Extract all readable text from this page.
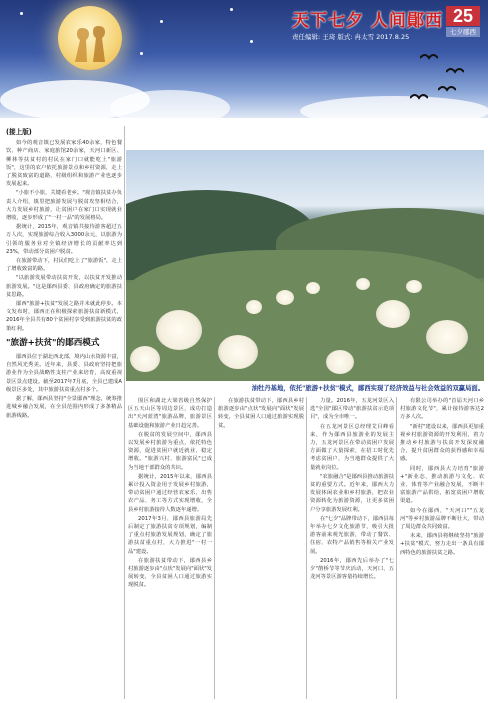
天下七夕 人间鄖西
责任编辑: 王琦 版式: 冉太雪 2017.8.25
25
七夕鄖西
(接上版)

如今的观音镇已发展农家乐40余家，特色餐饮、种产商店、家庭旅馆20余家，天河口新区、柳林等扶贫村的村民在家门口就能吃上"旅游饭"，这里的农户依托旅游景点和乡村资源，走上了脱贫致富的道路，村级组织和旅游产业也逐步发展起来。

"小旅不小旅，关键看老乡。"观音镇扶贫办负责人介绍，镇里把旅游发展与脱贫攻坚相结合，大力发展乡村旅游，让贫困户在家门口实现就业增收，逐步形成了"一村一品"的发展格局。

据统计，2015年，观音镇共接待游客超过五万人次，实现旅游综合收入3000余元，以旅游为引领的服务业对全镇经济增长的贡献率达到23%，带动部分贫困户脱贫。

在旅游带动下，村民们吃上了"旅游饭"，走上了增收致富的路。

"以旅游发展带动扶贫开发，以扶贫开发推动旅游发展。"这是鄖西县委、县政府确定的旅游扶贫思路。

鄖西"旅游+扶贫"发展之路并未就此停步。本文发布时，鄖西正在积极探索旅游扶贫新模式，2016年全县共有80个贫困村享受到旅游扶贫的政策红利。

"旅游+扶贫"的鄖西模式

鄖西县位于湖北西北部，境内山水资源丰富，自然风光秀美。近年来，县委、县政府坚持把旅游业作为全县战略性支柱产业来培育，高度重视景区景点建设。截至2017年7月底，全县已建成A级景区多处，其中旅游扶贫重点村多个。

据了解，鄖西县坚持"全景鄖西"理念，统筹推进城乡融合发展，在全县范围内形成了多条精品旅游线路。

油牡丹基地，依托"旅游+扶贫"模式，鄖西实现了经济效益与社会效益的双赢局面。

围区和湖北大梁省级自然保护区五天山区等周边景区，成功打造出"天河蓝湾"旅游品牌，旅游景区基础设施和旅游产业日趋完善。

在脱贫的发展空间中，鄖西县以发展乡村旅游为重点，依托特色资源，促进贫困户就近就业、稳定增收。"旅游兴村、旅游富民"已成为当地干部群众的共识。

据统计，2015年以来，鄖西县累计投入资金用于发展乡村旅游，带动贫困户通过经营农家乐、出售农产品、务工等方式实现增收，全县乡村旅游接待人数逐年递增。

2017年3月，鄖西县旅游局先后制定了旅游扶贫专项规划，编制了重点村旅游发展规划，确定了旅游扶贫重点村，大力推进"一村一品"建设。

在旅游扶贫带动下，鄖西县乡村旅游逐步由"点状"发展向"面状"发展转变，全县贫困人口通过旅游实现脱贫。

在旅游扶贫带动下，鄖西县乡村旅游逐步由"点状"发展向"面状"发展转变，全县贫困人口通过旅游实现脱贫。

力量。2016年，五龙河景区入选"全国"鄖区带动"旅游扶贫示范项目"，成为全市唯一。

在五龙河景区总经理艾目峰看来，作为鄖西县旅游业的发展主力，五龙河景区在带动贫困户发展方面做了大量探索，在招工时优先考虑贫困户，为当地群众提供了大量就业岗位。

"农旅融合"是鄖西县推动旅游扶贫的重要方式。近年来，鄖西大力发展休闲农业和乡村旅游，把农业资源转化为旅游资源，让更多贫困户分享旅游发展红利。

在"七夕"品牌带动下，鄖西县每年举办七夕文化旅游节，吸引大批游客前来观光旅游，带动了餐饮、住宿、农特产品销售等相关产业发展。

2016年，鄖西先后举办了"七夕"鹊桥节等节庆活动，天河口、五龙河等景区游客量持续增长。

有限公司举办的"首届天河口乡村旅游文化节"，累计接待游客达2万多人次。

"新村"建设以来，鄖西县更加重视乡村旅游资源的开发利用，着力推动乡村旅游与扶贫开发深度融合，提升贫困群众的获得感和幸福感。

同时，鄖西县大力培育"旅游+"新业态，推动旅游与文化、农业、体育等产业融合发展，不断丰富旅游产品供给，拓宽贫困户增收渠道。

如今在鄖西，"天河口""五龙河"等乡村旅游品牌不断壮大，带动了周边群众共同致富。

未来，鄖西县将继续坚持"旅游+扶贫"模式，努力走出一条具有鄖西特色的旅游扶贫之路。
